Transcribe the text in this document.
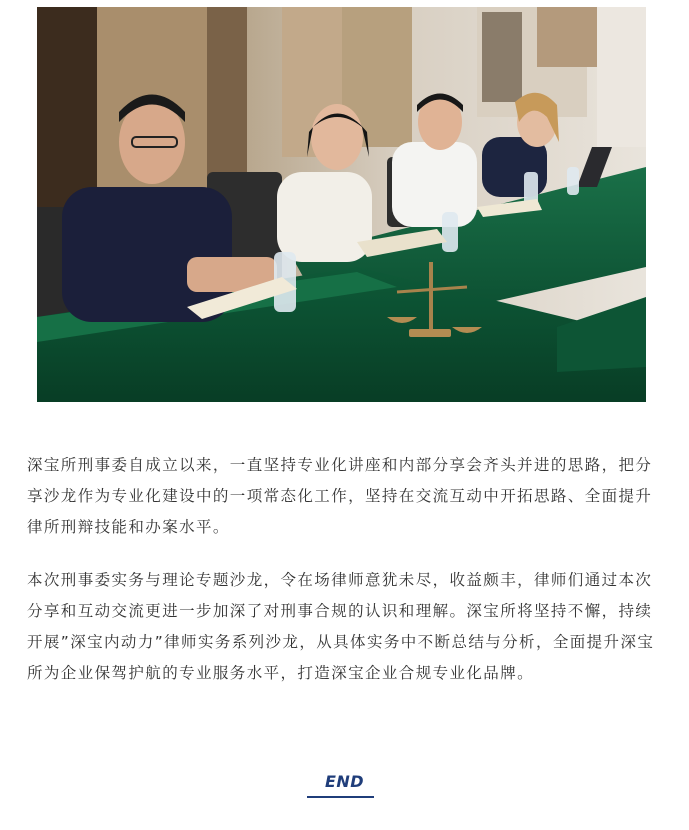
深宝所刑事委自成立以来，一直坚持专业化讲座和内部分享会齐头并进的思路，把分享沙龙作为专业化建设中的一项常态化工作，坚持在交流互动中开拓思路、全面提升律所刑辩技能和办案水平。

本次刑事委实务与理论专题沙龙，令在场律师意犹未尽，收益颇丰，律师们通过本次分享和互动交流更进一步加深了对刑事合规的认识和理解。深宝所将坚持不懈，持续开展”深宝内动力”律师实务系列沙龙，从具体实务中不断总结与分析，全面提升深宝所为企业保驾护航的专业服务水平，打造深宝企业合规专业化品牌。

END
